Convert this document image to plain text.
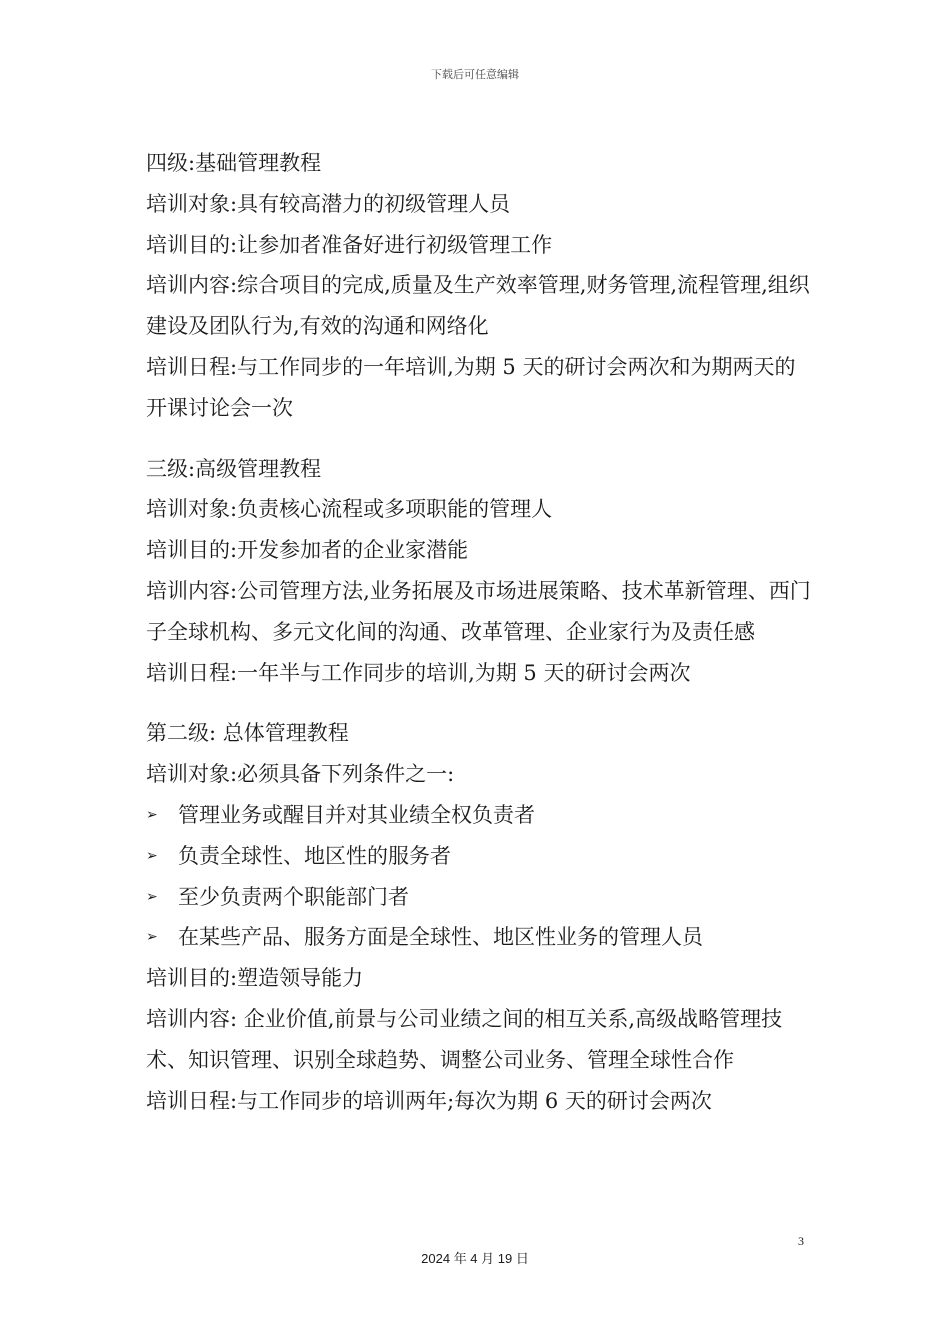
下载后可任意编辑
四级:基础管理教程
培训对象:具有较高潜力的初级管理人员
培训目的:让参加者准备好进行初级管理工作
培训内容:综合项目的完成,质量及生产效率管理,财务管理,流程管理,组织建设及团队行为,有效的沟通和网络化
培训日程:与工作同步的一年培训,为期 5 天的研讨会两次和为期两天的开课讨论会一次
三级:高级管理教程
培训对象:负责核心流程或多项职能的管理人
培训目的:开发参加者的企业家潜能
培训内容:公司管理方法,业务拓展及市场进展策略、技术革新管理、西门子全球机构、多元文化间的沟通、改革管理、企业家行为及责任感
培训日程:一年半与工作同步的培训,为期 5 天的研讨会两次
第二级: 总体管理教程
培训对象:必须具备下列条件之一:
➢ 管理业务或醒目并对其业绩全权负责者
➢ 负责全球性、地区性的服务者
➢ 至少负责两个职能部门者
➢ 在某些产品、服务方面是全球性、地区性业务的管理人员
培训目的:塑造领导能力
培训内容: 企业价值,前景与公司业绩之间的相互关系,高级战略管理技术、知识管理、识别全球趋势、调整公司业务、管理全球性合作
培训日程:与工作同步的培训两年;每次为期 6 天的研讨会两次
3
2024 年 4 月 19 日
